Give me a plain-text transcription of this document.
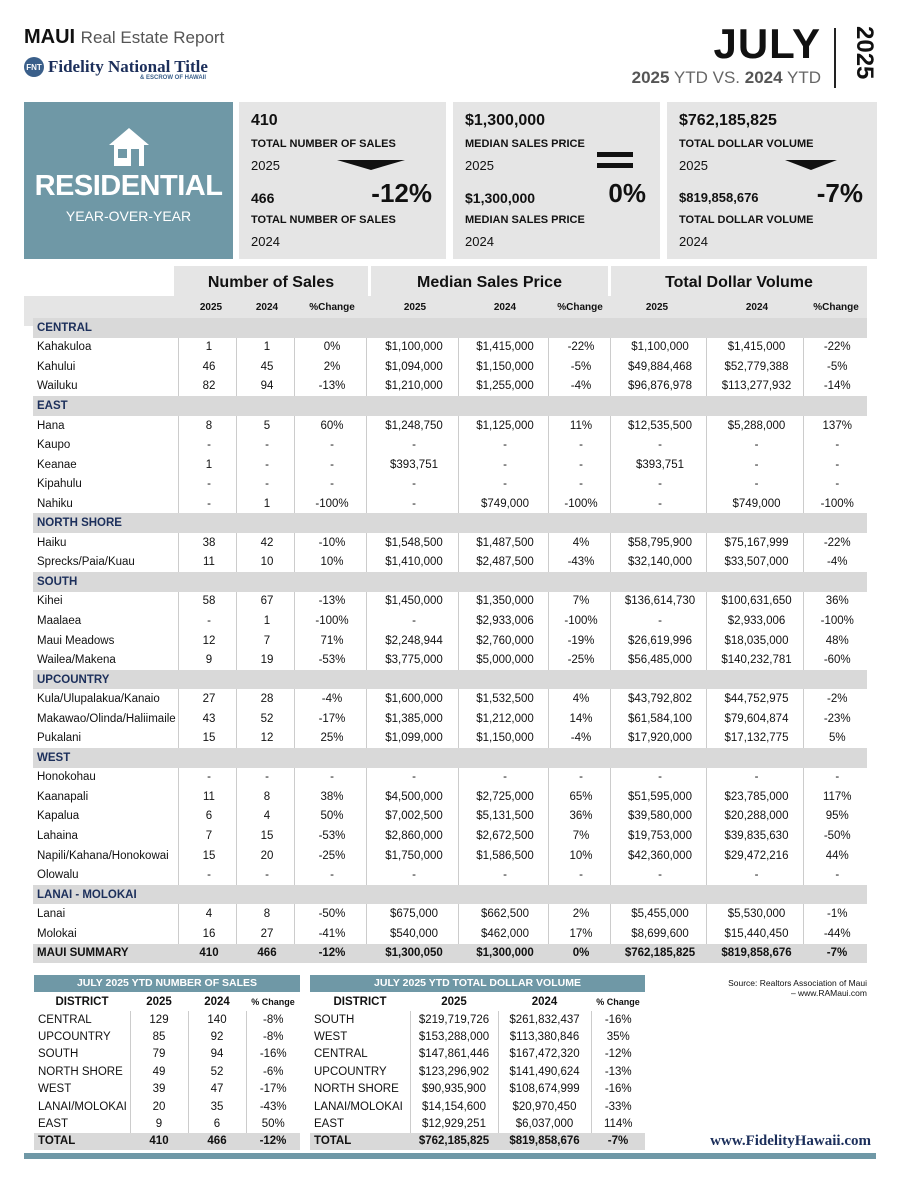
MAUI Real Estate Report
FNT Fidelity National Title
& ESCROW OF HAWAII
JULY
2025 YTD VS. 2024 YTD 2025
RESIDENTIAL
YEAR-OVER-YEAR
410
TOTAL NUMBER OF SALES
2025
466	-12%
TOTAL NUMBER OF SALES
2024
$1,300,000
MEDIAN SALES PRICE
2025
$1,300,000	0%
MEDIAN SALES PRICE
2024
$762,185,825
TOTAL DOLLAR VOLUME
2025
$819,858,676 -7%
TOTAL DOLLAR VOLUME
2024
Number of Sales	Median Sales Price	Total Dollar Volume
2025	2024	%Change	2025	2024	%Change	2025	2024	%Change
CENTRAL									
Kahakuloa	1	1	0%	$1,100,000	$1,415,000	-22%	$1,100,000	$1,415,000	-22%
Kahului	46	45	2%	$1,094,000	$1,150,000	-5%	$49,884,468	$52,779,388	-5%
Wailuku	82	94	-13%	$1,210,000	$1,255,000	-4%	$96,876,978	$113,277,932	-14%
EAST									
Hana	8	5	60%	$1,248,750	$1,125,000	11%	$12,535,500	$5,288,000	137%
Kaupo	-	-	-	-	-	-	-	-	-
Keanae	1	-	-	$393,751	-	-	$393,751	-	-
Kipahulu	-	-	-	-	-	-	-	-	-
Nahiku	-	1	-100%	-	$749,000	-100%	-	$749,000	-100%
NORTH SHORE									
Haiku	38	42	-10%	$1,548,500	$1,487,500	4%	$58,795,900	$75,167,999	-22%
Sprecks/Paia/Kuau	11	10	10%	$1,410,000	$2,487,500	-43%	$32,140,000	$33,507,000	-4%
SOUTH									
Kihei	58	67	-13%	$1,450,000	$1,350,000	7%	$136,614,730	$100,631,650	36%
Maalaea	-	1	-100%	-	$2,933,006	-100%	-	$2,933,006	-100%
Maui Meadows	12	7	71%	$2,248,944	$2,760,000	-19%	$26,619,996	$18,035,000	48%
Wailea/Makena	9	19	-53%	$3,775,000	$5,000,000	-25%	$56,485,000	$140,232,781	-60%
UPCOUNTRY									
Kula/Ulupalakua/Kanaio	27	28	-4%	$1,600,000	$1,532,500	4%	$43,792,802	$44,752,975	-2%
Makawao/Olinda/Haliimaile	43	52	-17%	$1,385,000	$1,212,000	14%	$61,584,100	$79,604,874	-23%
Pukalani	15	12	25%	$1,099,000	$1,150,000	-4%	$17,920,000	$17,132,775	5%
WEST									
Honokohau	-	-	-	-	-	-	-	-	-
Kaanapali	11	8	38%	$4,500,000	$2,725,000	65%	$51,595,000	$23,785,000	117%
Kapalua	6	4	50%	$7,002,500	$5,131,500	36%	$39,580,000	$20,288,000	95%
Lahaina	7	15	-53%	$2,860,000	$2,672,500	7%	$19,753,000	$39,835,630	-50%
Napili/Kahana/Honokowai	15	20	-25%	$1,750,000	$1,586,500	10%	$42,360,000	$29,472,216	44%
Olowalu	-	-	-	-	-	-	-	-	-
LANAI - MOLOKAI									
Lanai	4	8	-50%	$675,000	$662,500	2%	$5,455,000	$5,530,000	-1%
Molokai	16	27	-41%	$540,000	$462,000	17%	$8,699,600	$15,440,450	-44%
MAUI SUMMARY	410	466	-12%	$1,300,050	$1,300,000	0%	$762,185,825	$819,858,676	-7%
JULY 2025 YTD NUMBER OF SALES
DISTRICT	2025	2024	% Change
CENTRAL	129	140	-8%
UPCOUNTRY	85	92	-8%
SOUTH	79	94	-16%
NORTH SHORE	49	52	-6%
WEST	39	47	-17%
LANAI/MOLOKAI	20	35	-43%
EAST	9	6	50%
TOTAL	410	466	-12%
JULY 2025 YTD TOTAL DOLLAR VOLUME
DISTRICT	2025	2024	% Change
SOUTH	$219,719,726	$261,832,437	-16%
WEST	$153,288,000	$113,380,846	35%
CENTRAL	$147,861,446	$167,472,320	-12%
UPCOUNTRY	$123,296,902	$141,490,624	-13%
NORTH SHORE	$90,935,900	$108,674,999	-16%
LANAI/MOLOKAI	$14,154,600	$20,970,450	-33%
EAST	$12,929,251	$6,037,000	114%
TOTAL	$762,185,825	$819,858,676	-7%
Source: Realtors Association of Maui
– www.RAMaui.com
www.FidelityHawaii.com
